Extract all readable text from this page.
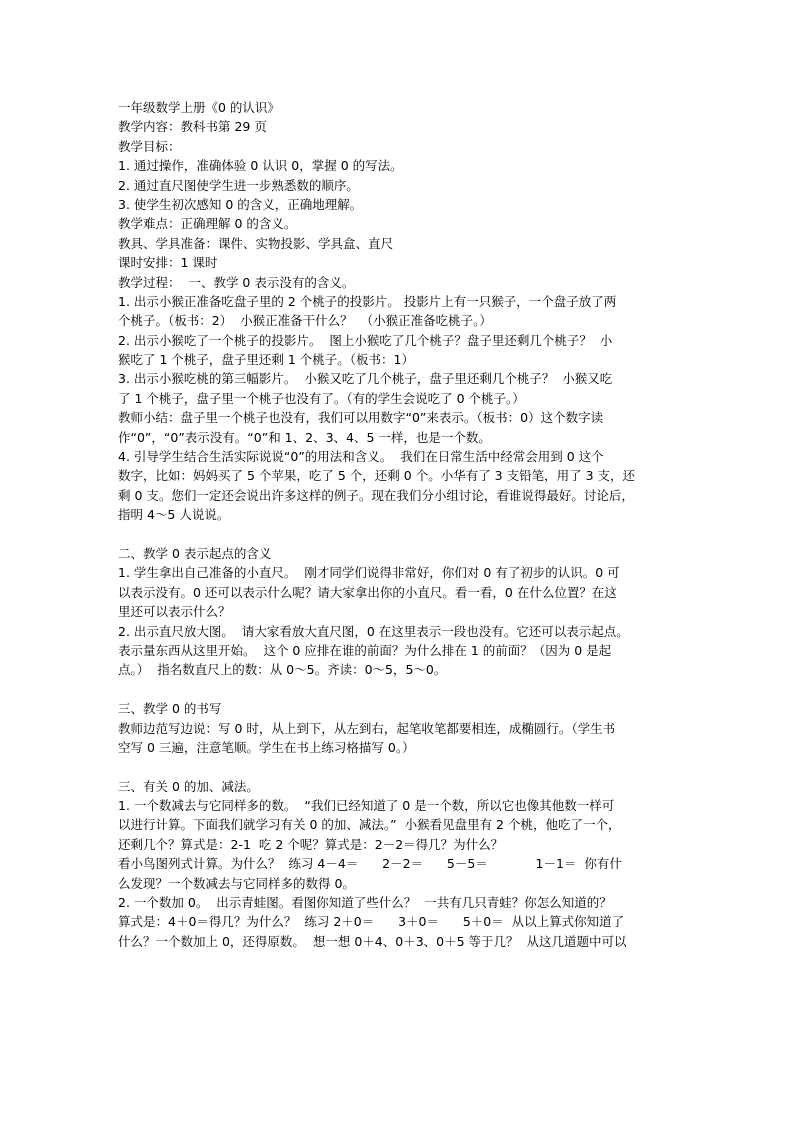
一年级数学上册《0 的认识》
教学内容：教科书第 29 页
教学目标：
1. 通过操作，准确体验 0 认识 0，掌握 0 的写法。
2. 通过直尺图使学生进一步熟悉数的顺序。
3. 使学生初次感知 0 的含义，正确地理解。
教学难点：正确理解 0 的含义。
教具、学具准备：课件、实物投影、学具盒、直尺
课时安排：1 课时
教学过程：  一、教学 0 表示没有的含义。
1. 出示小猴正准备吃盘子里的 2 个桃子的投影片。 投影片上有一只猴子，一个盘子放了两
个桃子。（板书：2）  小猴正准备干什么？  （小猴正准备吃桃子。）
2. 出示小猴吃了一个桃子的投影片。  图上小猴吃了几个桃子？盘子里还剩几个桃子？  小
猴吃了 1 个桃子，盘子里还剩 1 个桃子。（板书：1）
3. 出示小猴吃桃的第三幅影片。  小猴又吃了几个桃子，盘子里还剩几个桃子？  小猴又吃
了 1 个桃子，盘子里一个桃子也没有了。（有的学生会说吃了 0 个桃子。）
教师小结：盘子里一个桃子也没有，我们可以用数字“0”来表示。（板书：0）这个数字读
作“0”，“0”表示没有。“0”和 1、2、3、4、5 一样，也是一个数。
4. 引导学生结合生活实际说说“0”的用法和含义。  我们在日常生活中经常会用到 0 这个
数字，比如：妈妈买了 5 个苹果，吃了 5 个，还剩 0 个。小华有了 3 支铅笔，用了 3 支，还
剩 0 支。您们一定还会说出许多这样的例子。现在我们分小组讨论，看谁说得最好。讨论后，
指明 4～5 人说说。
二、教学 0 表示起点的含义
1. 学生拿出自己准备的小直尺。  刚才同学们说得非常好，你们对 0 有了初步的认识。0 可
以表示没有。0 还可以表示什么呢？请大家拿出你的小直尺。看一看，0 在什么位置？在这
里还可以表示什么？
2. 出示直尺放大图。  请大家看放大直尺图，0 在这里表示一段也没有。它还可以表示起点。
表示量东西从这里开始。  这个 0 应排在谁的前面？为什么排在 1 的前面？（因为 0 是起
点。）  指名数直尺上的数：从 0～5。齐读：0～5，5～0。
三、教学 0 的书写
教师边范写边说：写 0 时，从上到下，从左到右，起笔收笔都要相连，成椭圆行。（学生书
空写 0 三遍，注意笔顺。学生在书上练习格描写 0。）
三、有关 0 的加、减法。
1. 一个数减去与它同样多的数。  “我们已经知道了 0 是一个数，所以它也像其他数一样可
以进行计算。下面我们就学习有关 0 的加、减法。”  小猴看见盘里有 2 个桃，他吃了一个，
还剩几个？算式是：2-1  吃 2 个呢？算式是：2－2＝得几？为什么？
看小鸟图列式计算。为什么？  练习 4－4＝      2－2＝      5－5＝            1－1＝  你有什
么发现？一个数减去与它同样多的数得 0。
2. 一个数加 0。  出示青蛙图。看图你知道了些什么？  一共有几只青蛙？你怎么知道的？
算式是：4＋0＝得几？为什么？  练习 2＋0＝      3＋0＝      5＋0＝  从以上算式你知道了
什么？一个数加上 0，还得原数。  想一想 0＋4、0＋3、0＋5 等于几？  从这几道题中可以
